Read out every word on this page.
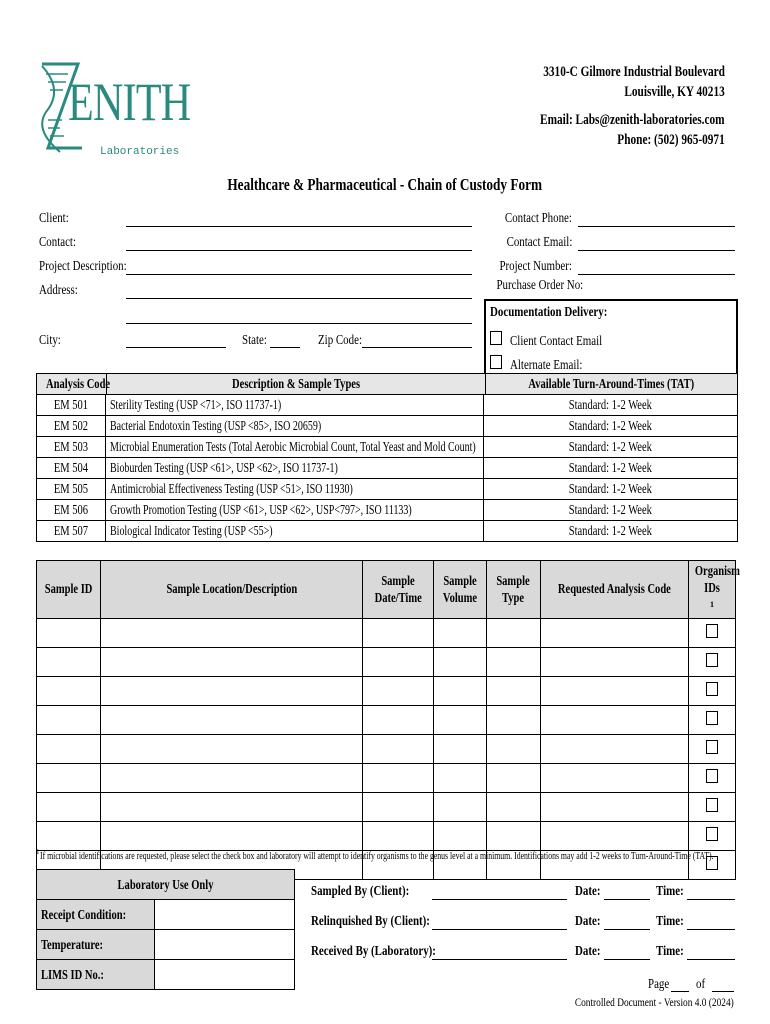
ENITH
Laboratories
3310-C Gilmore Industrial Boulevard
Louisville, KY 40213
Email: Labs@zenith-laboratories.com
Phone: (502) 965-0971
Healthcare & Pharmaceutical - Chain of Custody Form
Client:
Contact:
Project Description:
Address:
City:	State:	Zip Code:
Contact Phone:
Contact Email:
Project Number:
Purchase Order No:
Documentation Delivery:
Client Contact Email
Alternate Email:
Analysis Code	Description & Sample Types	Available Turn-Around-Times (TAT)
EM 501	Sterility Testing (USP <71>, ISO 11737-1)	Standard: 1-2 Week
EM 502	Bacterial Endotoxin Testing (USP <85>, ISO 20659)	Standard: 1-2 Week
EM 503	Microbial Enumeration Tests (Total Aerobic Microbial Count, Total Yeast and Mold Count)	Standard: 1-2 Week
EM 504	Bioburden Testing (USP <61>, USP <62>, ISO 11737-1)	Standard: 1-2 Week
EM 505	Antimicrobial Effectiveness Testing (USP <51>, ISO 11930)	Standard: 1-2 Week
EM 506	Growth Promotion Testing (USP <61>, USP <62>, USP<797>, ISO 11133)	Standard: 1-2 Week
EM 507	Biological Indicator Testing (USP <55>)	Standard: 1-2 Week
Sample ID	Sample Location/Description	Sample Date/Time	Sample Volume	Sample Type	Requested Analysis Code	Organism IDs$^1$

$^1$If microbial identifications are requested, please select the check box and laboratory will attempt to identify organisms to the genus level at a minimum. Identifications may add 1-2 weeks to Turn-Around-Time (TAT).
Laboratory Use Only	
Receipt Condition:	
Temperature:	
LIMS ID No.:	
Sampled By (Client):	Date:	Time:
Relinquished By (Client):	Date:	Time:
Received By (Laboratory):	Date:	Time:
Page	of
Controlled Document - Version 4.0 (2024)
